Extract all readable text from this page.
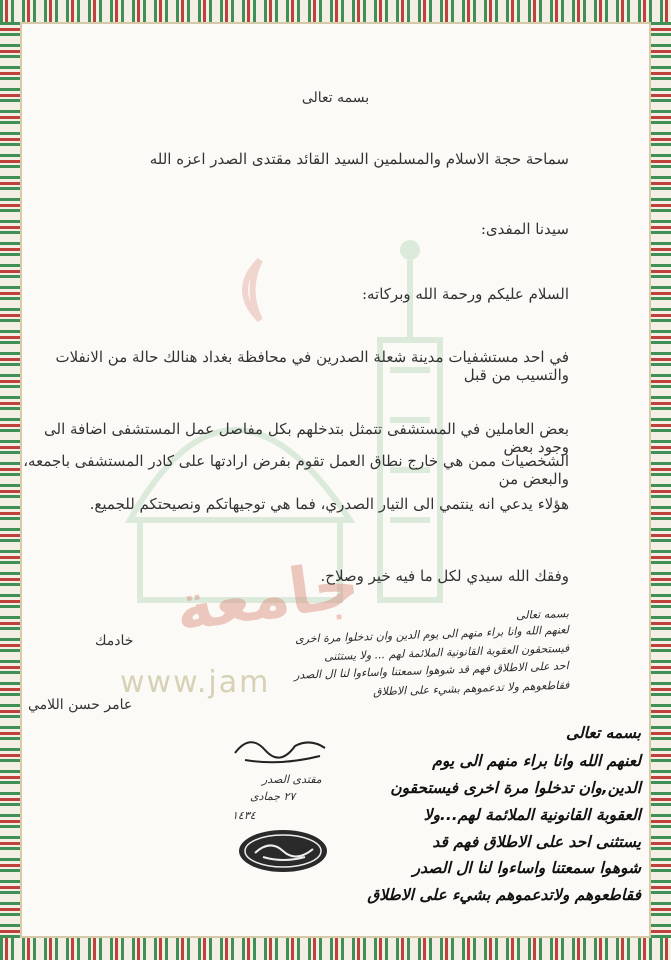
جامعة
www.jam
بسمه تعالى
سماحة حجة الاسلام والمسلمين السيد القائد مقتدى الصدر اعزه الله
سيدنا المفدى:
السلام عليكم ورحمة الله وبركاته:
في احد مستشفيات مدينة شعلة الصدرين في محافظة بغداد هنالك حالة من الانفلات والتسيب من قبل
بعض العاملين في المستشفى تتمثل بتدخلهم بكل مفاصل عمل المستشفى اضافة الى وجود بعض
الشخصيات ممن هي خارج نطاق العمل تقوم بفرض ارادتها على كادر المستشفى باجمعه، والبعض من
هؤلاء يدعي انه ينتمي الى التيار الصدري، فما هي توجيهاتكم ونصيحتكم للجميع.
وفقك الله سيدي لكل ما فيه خير وصلاح.
خادمك
عامر حسن اللامي
بسمه تعالى
لعنهم الله وانا براء منهم الى يوم الدين وان تدخلوا مرة اخرى
فيستحقون العقوبة القانونية الملائمة لهم ... ولا يستثنى
احد على الاطلاق فهم قد شوهوا سمعتنا واساءوا لنا ال الصدر
فقاطعوهم ولا تدعموهم بشيء على الاطلاق
مقتدى الصدر
٢٧ جمادى
١٤٣٤
بسمه تعالى
لعنهم الله وانا براء منهم الى يوم
الدين,وان تدخلوا مرة اخرى فيستحقون
العقوبة القانونية الملائمة لهم...ولا
يستثنى احد على الاطلاق فهم قد
شوهوا سمعتنا واساءوا لنا ال الصدر
فقاطعوهم ولاتدعموهم بشيء على الاطلاق
